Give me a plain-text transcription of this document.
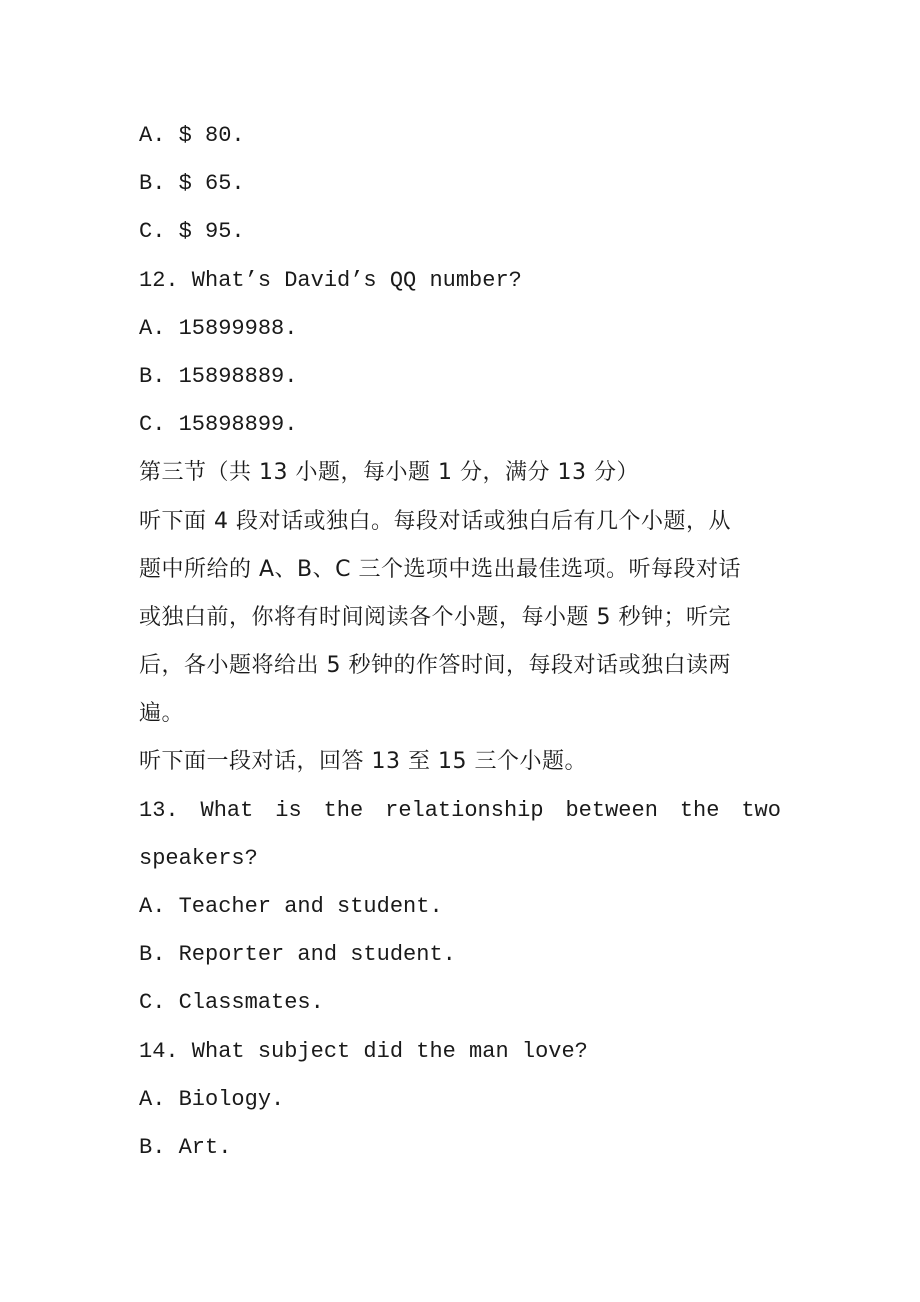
A. $ 80.
B. $ 65.
C. $ 95.
12. What’s David’s QQ number?
A. 15899988.
B. 15898889.
C. 15898899.
第三节（共 13 小题，每小题 1 分，满分 13 分）
听下面 4 段对话或独白。每段对话或独白后有几个小题，从
题中所给的 A、B、C 三个选项中选出最佳选项。听每段对话
或独白前，你将有时间阅读各个小题，每小题 5 秒钟；听完
后，各小题将给出 5 秒钟的作答时间，每段对话或独白读两
遍。
听下面一段对话，回答 13 至 15 三个小题。
13. What is the relationship between the two
speakers?
A. Teacher and student.
B. Reporter and student.
C. Classmates.
14. What subject did the man love?
A. Biology.
B. Art.
